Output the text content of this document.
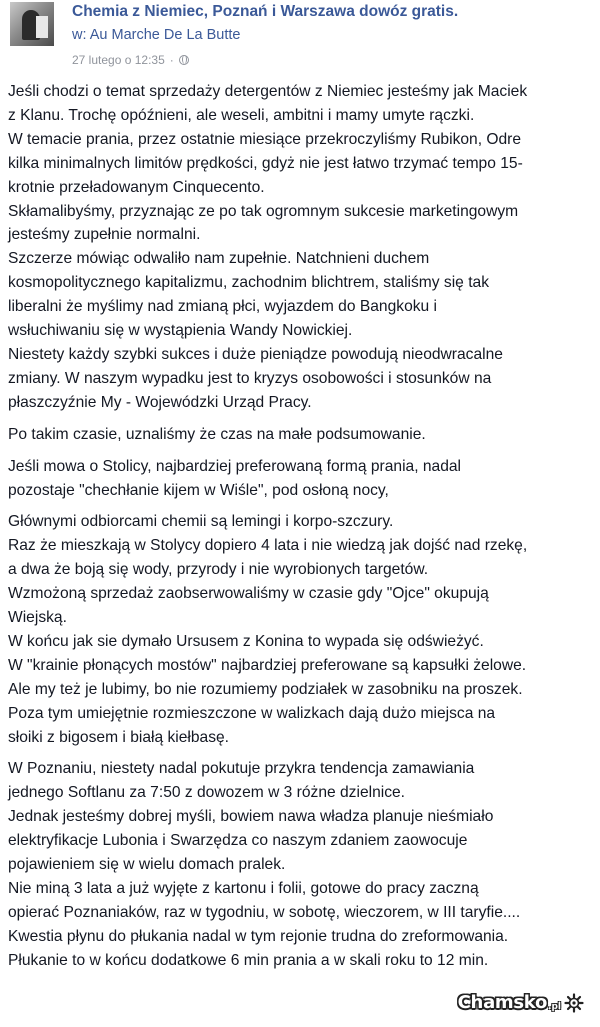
Chemia z Niemiec, Poznań i Warszawa dowóz gratis.
w: Au Marche De La Butte
27 lutego o 12:35 ·

Jeśli chodzi o temat sprzedaży detergentów z Niemiec jesteśmy jak Maciek
z Klanu. Trochę opóźnieni, ale weseli, ambitni i mamy umyte rączki.
W temacie prania, przez ostatnie miesiące przekroczyliśmy Rubikon, Odre
kilka minimalnych limitów prędkości, gdyż nie jest łatwo trzymać tempo 15-
krotnie przeładowanym Cinquecento.
Skłamalibyśmy, przyznając ze po tak ogromnym sukcesie marketingowym
jesteśmy zupełnie normalni.
Szczerze mówiąc odwaliło nam zupełnie. Natchnieni duchem
kosmopolitycznego kapitalizmu, zachodnim blichtrem, staliśmy się tak
liberalni że myślimy nad zmianą płci, wyjazdem do Bangkoku i
wsłuchiwaniu się w wystąpienia Wandy Nowickiej.
Niestety każdy szybki sukces i duże pieniądze powodują nieodwracalne
zmiany. W naszym wypadku jest to kryzys osobowości i stosunków na
płaszczyźnie My - Wojewódzki Urząd Pracy.

Po takim czasie, uznaliśmy że czas na małe podsumowanie.

Jeśli mowa o Stolicy, najbardziej preferowaną formą prania, nadal
pozostaje "chechłanie kijem w Wiśle", pod osłoną nocy,

Głównymi odbiorcami chemii są lemingi i korpo-szczury.
Raz że mieszkają w Stolycy dopiero 4 lata i nie wiedzą jak dojść nad rzekę,
a dwa że boją się wody, przyrody i nie wyrobionych targetów.
Wzmożoną sprzedaż zaobserwowaliśmy w czasie gdy "Ojce" okupują
Wiejską.
W końcu jak sie dymało Ursusem z Konina to wypada się odświeżyć.
W "krainie płonących mostów" najbardziej preferowane są kapsułki żelowe.
Ale my też je lubimy, bo nie rozumiemy podziałek w zasobniku na proszek.
Poza tym umiejętnie rozmieszczone w walizkach dają dużo miejsca na
słoiki z bigosem i białą kiełbasę.

W Poznaniu, niestety nadal pokutuje przykra tendencja zamawiania
jednego Softlanu za 7:50 z dowozem w 3 różne dzielnice.
Jednak jesteśmy dobrej myśli, bowiem nawa władza planuje nieśmiało
elektryfikacje Lubonia i Swarzędza co naszym zdaniem zaowocuje
pojawieniem się w wielu domach pralek.
Nie miną 3 lata a już wyjęte z kartonu i folii, gotowe do pracy zaczną
opierać Poznaniaków, raz w tygodniu, w sobotę, wieczorem, w III taryfie....
Kwestia płynu do płukania nadal w tym rejonie trudna do zreformowania.
Płukanie to w końcu dodatkowe 6 min prania a w skali roku to 12 min.

Chamsko .pl
